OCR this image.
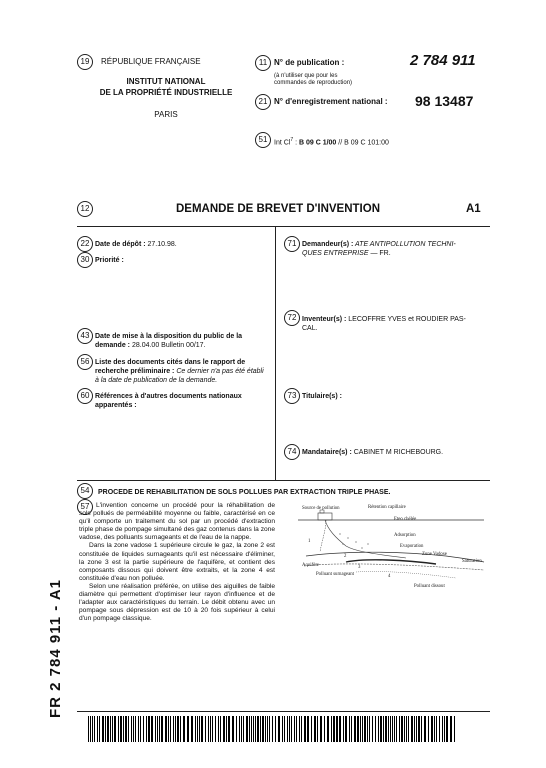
19	RÉPUBLIQUE FRANÇAISE
INSTITUT NATIONAL
DE LA PROPRIÉTÉ INDUSTRIELLE
PARIS
11 N° de publication :	2 784 911
(à n'utiliser que pour les
commandes de reproduction)
21 N° d'enregistrement national : 98 13487
51 Int Cl$^7$ : B 09 C 1/00 // B 09 C 101:00
12	DEMANDE DE BREVET D'INVENTION	A1
22 Date de dépôt : 27.10.98.
30 Priorité :
43 Date de mise à la disposition du public de la demande : 28.04.00 Bulletin 00/17.
56 Liste des documents cités dans le rapport de recherche préliminaire : Ce dernier n'a pas été établi à la date de publication de la demande.
60 Références à d'autres documents nationaux apparentés :
71 Demandeur(s) : ATE ANTIPOLLUTION TECHNI-
QUES ENTREPRISE — FR.
72 Inventeur(s) : LECOFFRE YVES et ROUDIER PAS-
CAL.
73 Titulaire(s) :
74 Mandataire(s) : CABINET M RICHEBOURG.
54	PROCEDE DE REHABILITATION DE SOLS POLLUES PAR EXTRACTION TRIPLE PHASE.
57 L'invention concerne un procédé pour la réhabilitation de sols pollués de perméabilité moyenne ou faible, caractérisé en ce qu'il comporte un traitement du sol par un procédé d'extraction triple phase de pompage simultané des gaz contenus dans la zone vadose, des polluants surnageants et de l'eau de la nappe.

Dans la zone vadose 1 supérieure circule le gaz, la zone 2 est constituée de liquides surnageants qu'il est nécessaire d'éliminer, la zone 3 est la partie supérieure de l'aquifère, et contient des composants dissous qui doivent être extraits, et la zone 4 est constituée d'eau non polluée.

Selon une réalisation préférée, on utilise des aiguilles de faible diamètre qui permettent d'optimiser leur rayon d'influence et de l'adapter aux caractéristiques du terrain. Le débit obtenu avec un pompage sous dépression est de 10 à 20 fois supérieur à celui d'un pompage classique.

Source de pollution	Rétention capillaire
Eteo chélée
Adsorption
Evaporation
Zone Vadose
Saturation
Aquifère
Polluant surnageant
Polluant dissout
1
2
3
4
FR 2 784 911 - A1
